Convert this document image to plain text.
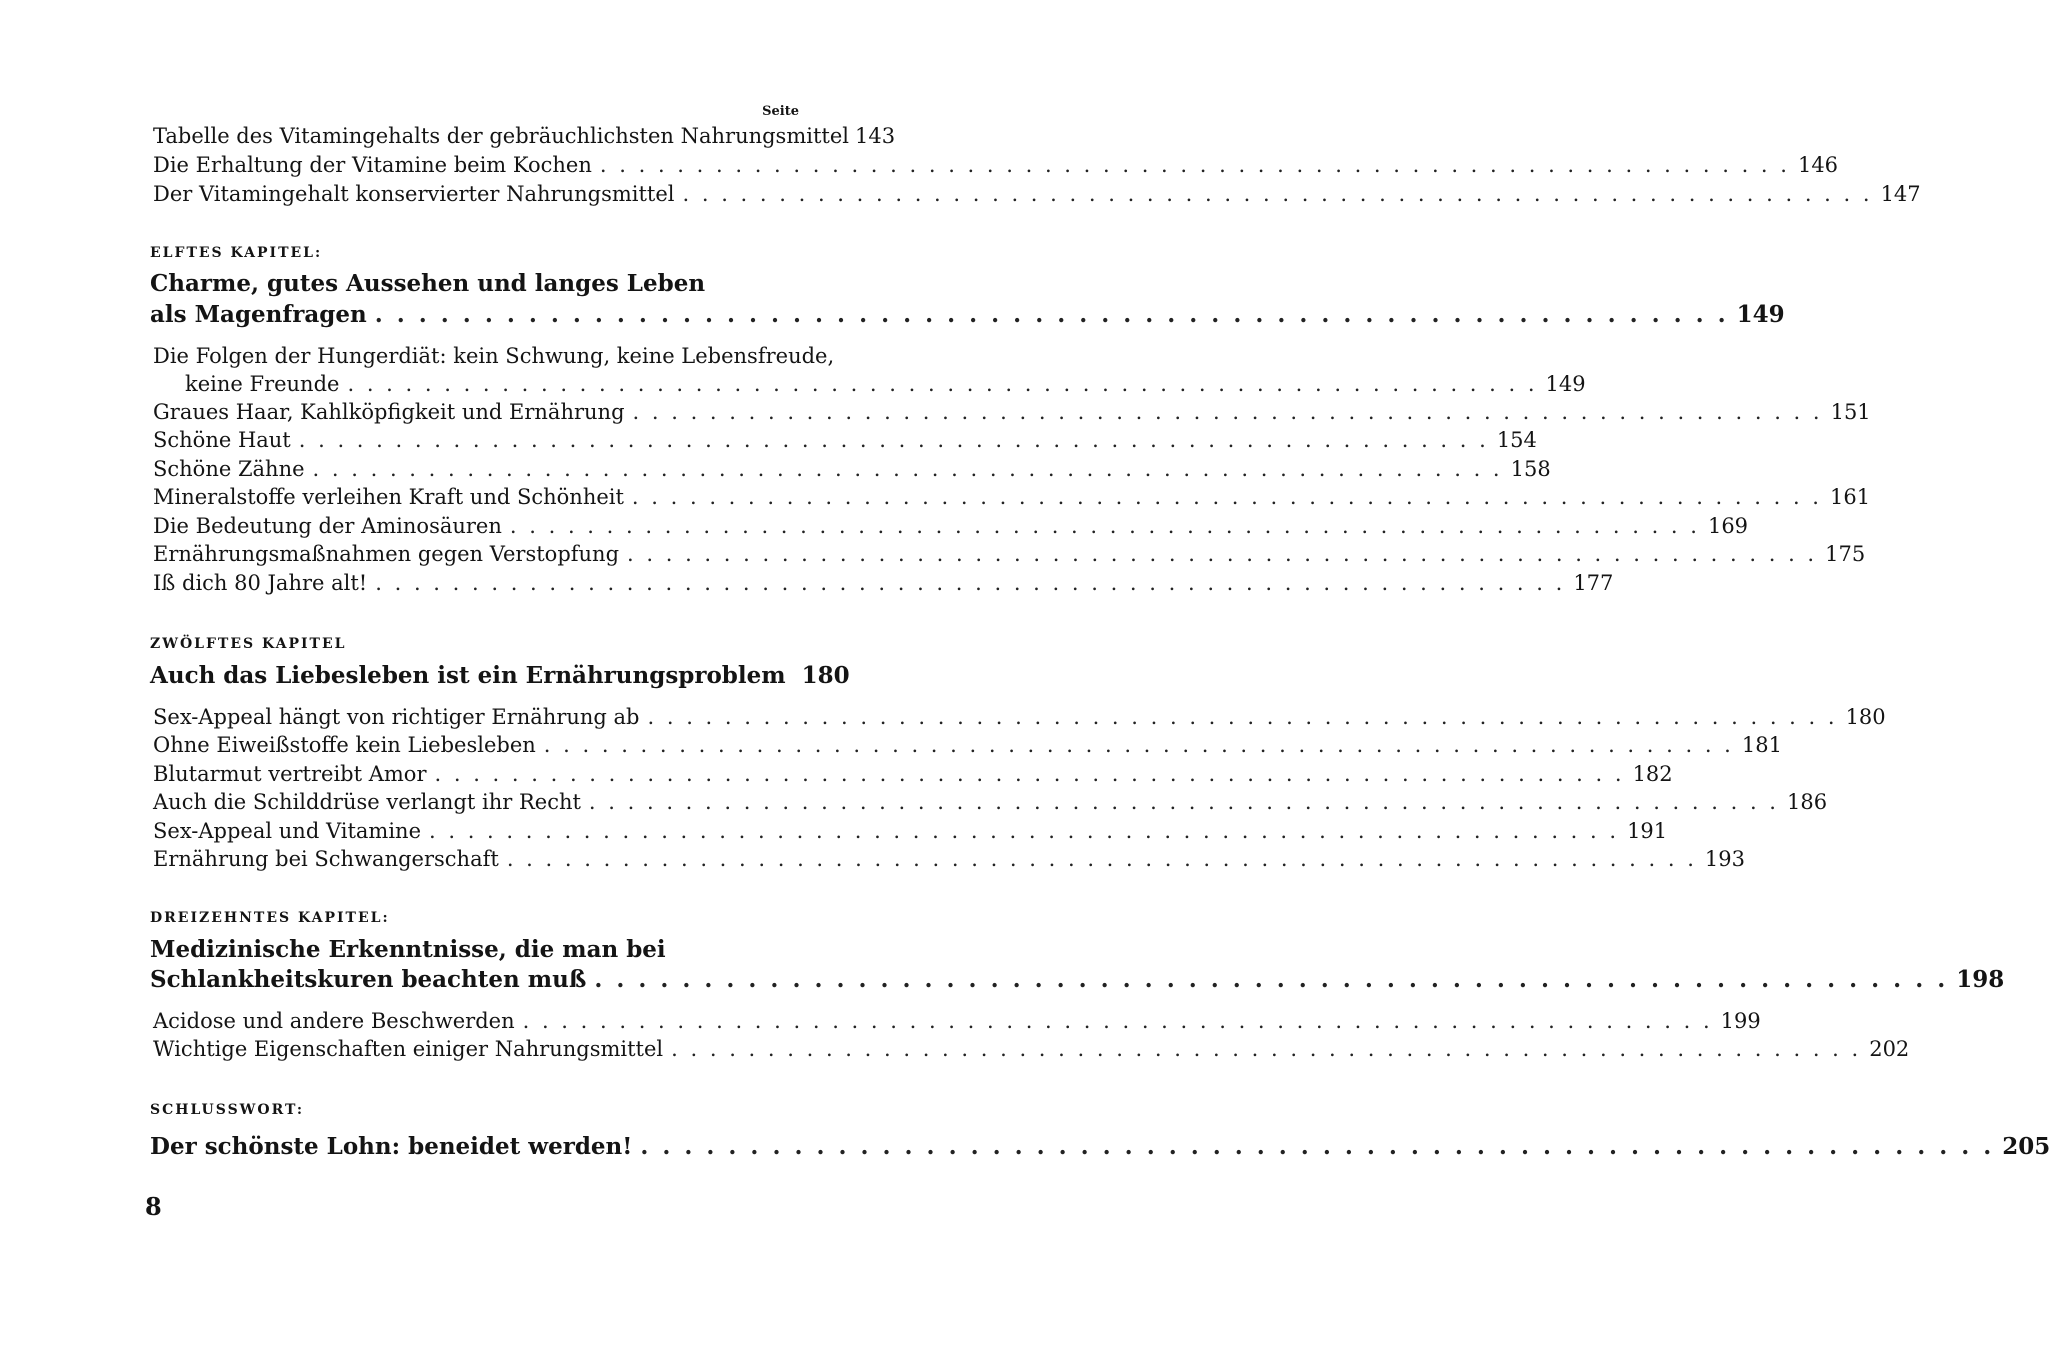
Seite
Tabelle des Vitamingehalts der gebräuchlichsten Nahrungsmittel 143
Die Erhaltung der Vitamine beim Kochen . . .	146
Der Vitamingehalt konservierter Nahrungsmittel . . .	147
ELFTES KAPITEL:
Charme, gutes Aussehen und langes Leben
als Magenfragen . . .	149
Die Folgen der Hungerdiät: kein Schwung, keine Lebensfreude,
keine Freunde . . .	149
Graues Haar, Kahlköpfigkeit und Ernährung . . .	151
Schöne Haut . . .	154
Schöne Zähne . . .	158
Mineralstoffe verleihen Kraft und Schönheit . . .	161
Die Bedeutung der Aminosäuren . . .	169
Ernährungsmaßnahmen gegen Verstopfung . . .	175
Iß dich 80 Jahre alt! . . .	177
ZWÖLFTES KAPITEL
Auch das Liebesleben ist ein Ernährungsproblem 180
Sex-Appeal hängt von richtiger Ernährung ab . . .	180
Ohne Eiweißstoffe kein Liebesleben . . .	181
Blutarmut vertreibt Amor . . .	182
Auch die Schilddrüse verlangt ihr Recht . . .	186
Sex-Appeal und Vitamine . . .	191
Ernährung bei Schwangerschaft . . .	193
DREIZEHNTES KAPITEL:
Medizinische Erkenntnisse, die man bei
Schlankheitskuren beachten muß . . .	198
Acidose und andere Beschwerden . . .	199
Wichtige Eigenschaften einiger Nahrungsmittel . . .	202
SCHLUSSWORT:
Der schönste Lohn: beneidet werden! . . .	205
8
